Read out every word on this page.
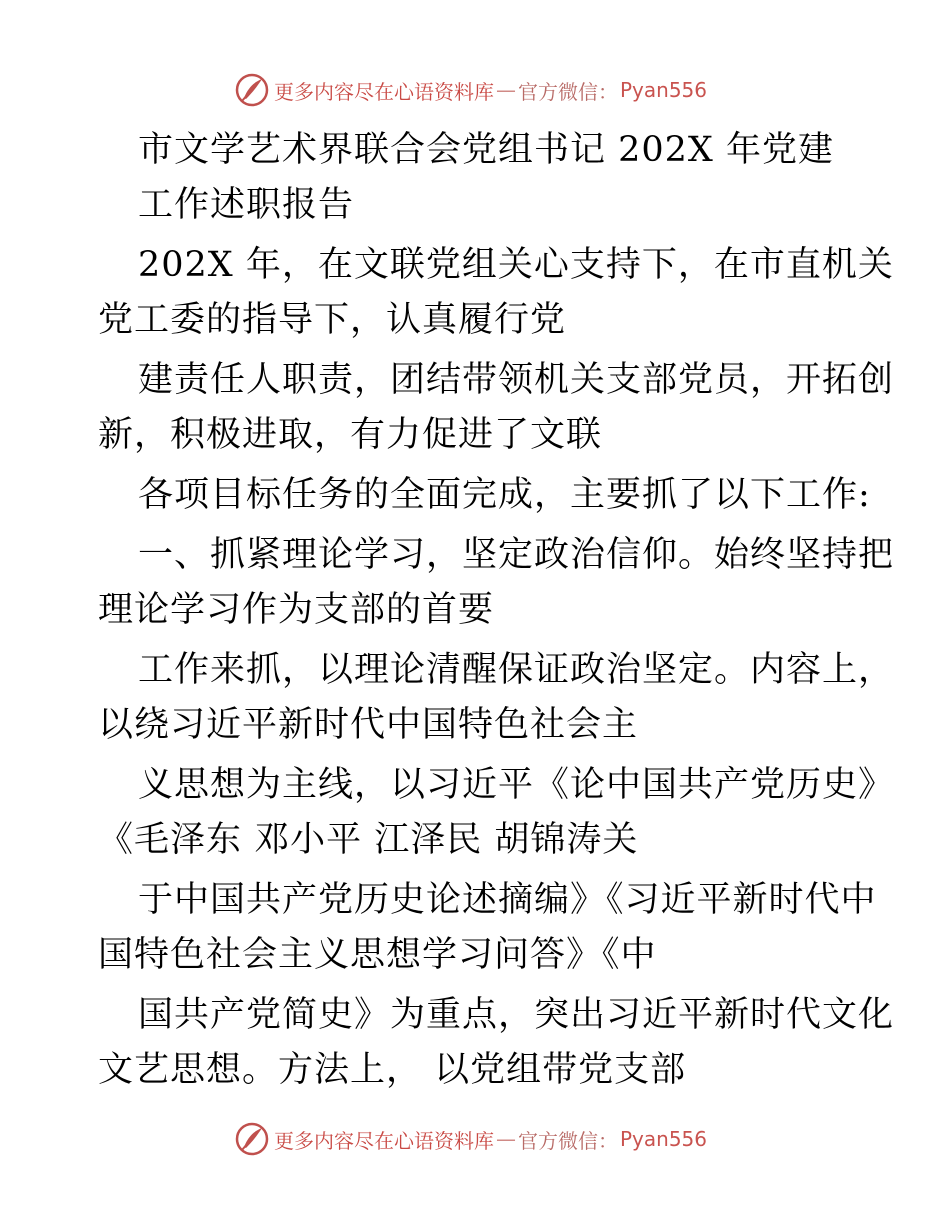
更多内容尽在心语资料库 — 官方微信： Pyan556
市文学艺术界联合会党组书记 202X 年党建
工作述职报告
202X 年，在文联党组关心支持下，在市直机关
党工委的指导下，认真履行党
建责任人职责，团结带领机关支部党员，开拓创
新，积极进取，有力促进了文联
各项目标任务的全面完成，主要抓了以下工作:
一、抓紧理论学习，坚定政治信仰。始终坚持把
理论学习作为支部的首要
工作来抓，以理论清醒保证政治坚定。内容上，
以绕习近平新时代中国特色社会主
义思想为主线，以习近平《论中国共产党历史》
《毛泽东 邓小平 江泽民 胡锦涛关
于中国共产党历史论述摘编》《习近平新时代中
国特色社会主义思想学习问答》《中
国共产党简史》为重点，突出习近平新时代文化
文艺思想。方法上， 以党组带党支部
更多内容尽在心语资料库 — 官方微信： Pyan556
